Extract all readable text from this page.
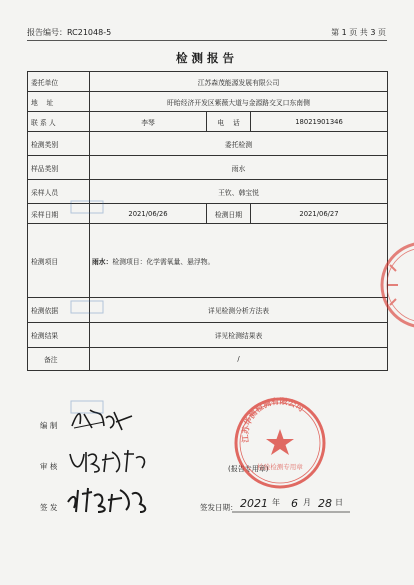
报告编号：RC21048-5	第 1 页 共 3 页
检测报告
委托单位	江苏森茂能源发展有限公司		
地    址	盱眙经济开发区紫薇大道与金源路交叉口东南侧		
联 系 人	李琴	电    话	18021901346
检测类别	委托检测		
样品类别	雨水		
采样人员	王钦、韩宝悦		
采样日期	2021/06/26	检测日期	2021/06/27
检测项目	雨水：检测项目：化学需氧量、悬浮物。		
检测依据	详见检测分析方法表		
检测结果	详见检测结果表		
备注	/		
编 制
审 核
签 发	签发日期： 2021 年 6 月 28 日
(报告专用章)
江苏华测检测有限公司
检验检测专用章
